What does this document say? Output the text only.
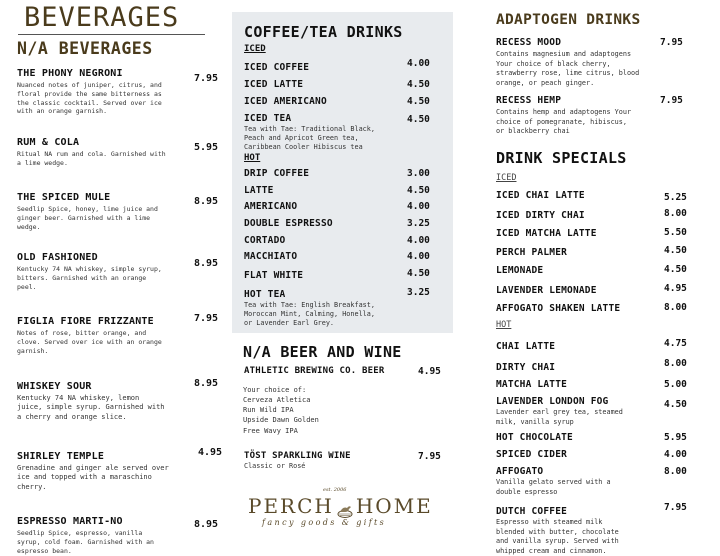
BEVERAGES
N/A BEVERAGES
THE PHONY NEGRONI
Nuanced notes of juniper, citrus, and floral provide the same bitterness as the classic cocktail. Served over ice with an orange garnish.
7.95
RUM & COLA
Ritual NA rum and cola. Garnished with a lime wedge.
5.95
THE SPICED MULE
Seedlip Spice, honey, lime juice and ginger beer. Garnished with a lime wedge.
8.95
OLD FASHIONED
Kentucky 74 NA whiskey, simple syrup, bitters. Garnished with an orange peel.
8.95
FIGLIA FIORE FRIZZANTE
Notes of rose, bitter orange, and clove. Served over ice with an orange garnish.
7.95
WHISKEY SOUR
Kentucky 74 NA whiskey, lemon juice, simple syrup. Garnished with a cherry and orange slice.
8.95
SHIRLEY TEMPLE
Grenadine and ginger ale served over ice and topped with a maraschino cherry.
4.95
ESPRESSO MARTI-NO
Seedlip Spice, espresso, vanilla syrup, cold foam. Garnished with an espresso bean.
8.95
COFFEE/TEA DRINKS
ICED
ICED COFFEE	4.00
ICED LATTE	4.50
ICED AMERICANO	4.50
ICED TEA
Tea with Tae: Traditional Black, Peach and Apricot Green tea, Caribbean Cooler Hibiscus tea
4.50
HOT
DRIP COFFEE	3.00
LATTE	4.50
AMERICANO	4.00
DOUBLE ESPRESSO	3.25
CORTADO	4.00
MACCHIATO	4.00
FLAT WHITE	4.50
HOT TEA
Tea with Tae: English Breakfast, Moroccan Mint, Calming, Honella, or Lavender Earl Grey.
3.25
N/A BEER AND WINE
ATHLETIC BREWING CO. BEER	4.95
Your choice of:
Cerveza Atletica
Run Wild IPA
Upside Dawn Golden
Free Wavy IPA
TÖST SPARKLING WINE
Classic or Rosé
7.95
est. 2006
PERCH HOME
fancy goods & gifts
ADAPTOGEN DRINKS
RECESS MOOD
Contains magnesium and adaptogens Your choice of black cherry, strawberry rose, lime citrus, blood orange, or peach ginger.
7.95
RECESS HEMP
Contains hemp and adaptogens Your choice of pomegranate, hibiscus, or blackberry chai
7.95
DRINK SPECIALS
ICED
ICED CHAI LATTE	5.25
ICED DIRTY CHAI	8.00
ICED MATCHA LATTE	5.50
PERCH PALMER	4.50
LEMONADE	4.50
LAVENDER LEMONADE	4.95
AFFOGATO SHAKEN LATTE	8.00
HOT
CHAI LATTE	4.75
DIRTY CHAI	8.00
MATCHA LATTE	5.00
LAVENDER LONDON FOG
Lavender earl grey tea, steamed milk, vanilla syrup
4.50
HOT CHOCOLATE	5.95
SPICED CIDER	4.00
AFFOGATO
Vanilla gelato served with a double espresso
8.00
DUTCH COFFEE
Espresso with steamed milk blended with butter, chocolate and vanilla syrup. Served with whipped cream and cinnamon.
7.95
